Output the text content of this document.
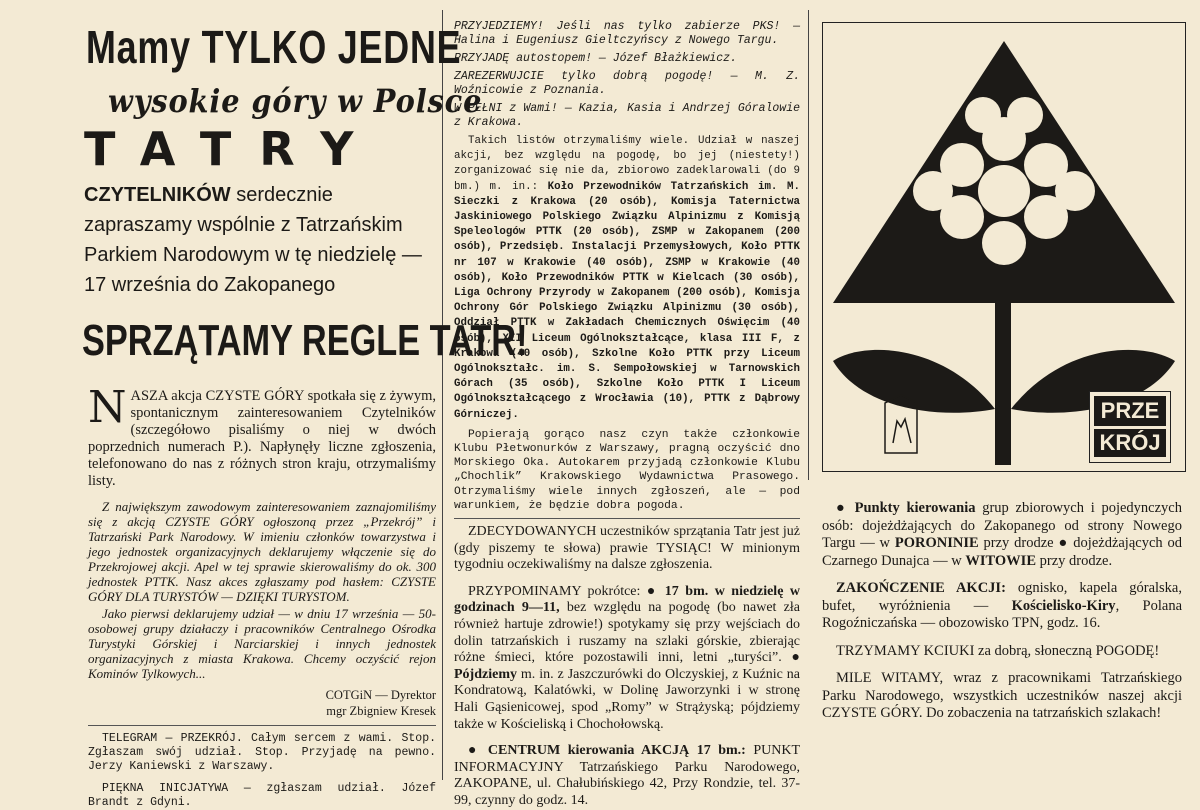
Mamy TYLKO JEDNE
wysokie góry w Polsce
TATRY
CZYTELNIKÓW serdecznie zapraszamy wspólnie z Tatrzańskim Parkiem Narodowym w tę niedzielę — 17 września do Zakopanego
SPRZĄTAMY REGLE TATR!
NASZA akcja CZYSTE GÓRY spotkała się z żywym, spontanicznym zainteresowaniem Czytelników (szczegółowo pisaliśmy o niej w dwóch poprzednich numerach P.). Napłynęły liczne zgłoszenia, telefonowano do nas z różnych stron kraju, otrzymaliśmy listy.

Z największym zawodowym zainteresowaniem zaznajomiliśmy się z akcją CZYSTE GÓRY ogłoszoną przez „Przekrój” i Tatrzański Park Narodowy. W imieniu członków towarzystwa i jego jednostek organizacyjnych deklarujemy włączenie się do Przekrojowej akcji. Apel w tej sprawie skierowaliśmy do ok. 300 jednostek PTTK. Nasz akces zgłaszamy pod hasłem: CZYSTE GÓRY DLA TURYSTÓW — DZIĘKI TURYSTOM.

Jako pierwsi deklarujemy udział — w dniu 17 września — 50-osobowej grupy działaczy i pracowników Centralnego Ośrodka Turystyki Górskiej i Narciarskiej i innych jednostek organizacyjnych z miasta Krakowa. Chcemy oczyścić rejon Kominów Tylkowych...

COTGiN — Dyrektor
mgr Zbigniew Kresek

TELEGRAM — PRZEKRÓJ. Całym sercem z wami. Stop. Zgłaszam swój udział. Stop. Przyjadę na pewno. Jerzy Kaniewski z Warszawy.

PIĘKNA INICJATYWA — zgłaszam udział. Józef Brandt z Gdyni.

PRZYJEDZIEMY! Jeśli nas tylko zabierze PKS! — Halina i Eugeniusz Gieltczyńscy z Nowego Targu.

PRZYJADĘ autostopem! — Józef Błażkiewicz.

ZAREZERWUJCIE tylko dobrą pogodę! — M. Z. Woźnicowie z Poznania.

W PEŁNI z Wami! — Kazia, Kasia i Andrzej Góralowie z Krakowa.

Takich listów otrzymaliśmy wiele. Udział w naszej akcji, bez względu na pogodę, bo jej (niestety!) zorganizować się nie da, zbiorowo zadeklarowali (do 9 bm.) m. in.: Koło Przewodników Tatrzańskich im. M. Sieczki z Krakowa (20 osób), Komisja Taternictwa Jaskiniowego Polskiego Związku Alpinizmu z Komisją Speleologów PTTK (20 osób), ZSMP w Zakopanem (200 osób), Przedsięb. Instalacji Przemysłowych, Koło PTTK nr 107 w Krakowie (40 osób), ZSMP w Krakowie (40 osób), Koło Przewodników PTTK w Kielcach (30 osób), Liga Ochrony Przyrody w Zakopanem (200 osób), Komisja Ochrony Gór Polskiego Związku Alpinizmu (30 osób), Oddział PTTK w Zakładach Chemicznych Oświęcim (40 osób), XII Liceum Ogólnokształcące, klasa III F, z Krakowa (40 osób), Szkolne Koło PTTK przy Liceum Ogólnokształc. im. S. Sempołowskiej w Tarnowskich Górach (35 osób), Szkolne Koło PTTK I Liceum Ogólnokształcącego z Wrocławia (10), PTTK z Dąbrowy Górniczej.

Popierają gorąco nasz czyn także członkowie Klubu Płetwonurków z Warszawy, pragną oczyścić dno Morskiego Oka. Autokarem przyjadą członkowie Klubu „Chochlik” Krakowskiego Wydawnictwa Prasowego. Otrzymaliśmy wiele innych zgłoszeń, ale — pod warunkiem, że będzie dobra pogoda.

ZDECYDOWANYCH uczestników sprzątania Tatr jest już (gdy piszemy te słowa) prawie TYSIĄC! W minionym tygodniu oczekiwaliśmy na dalsze zgłoszenia.

PRZYPOMINAMY pokrótce: ● 17 bm. w niedzielę w godzinach 9—11, bez względu na pogodę (bo nawet zła również hartuje zdrowie!) spotykamy się przy wejściach do dolin tatrzańskich i ruszamy na szlaki górskie, zbierając różne śmieci, które pozostawili inni, letni „turyści”. ● Pójdziemy m. in. z Jaszczurówki do Olczyskiej, z Kuźnic na Kondratową, Kalatówki, w Dolinę Jaworzynki i w stronę Hali Gąsienicowej, spod „Romy” w Strążyską; pójdziemy także w Kościeliską i Chochołowską.

● CENTRUM kierowania AKCJĄ 17 bm.: PUNKT INFORMACYJNY Tatrzańskiego Parku Narodowego, ZAKOPANE, ul. Chałubińskiego 42, Przy Rondzie, tel. 37-99, czynny do godz. 14.

PRZE
KRÓJ

● Punkty kierowania grup zbiorowych i pojedynczych osób: dojeżdżających do Zakopanego od strony Nowego Targu — w PORONINIE przy drodze ● dojeżdżających od Czarnego Dunajca — w WITOWIE przy drodze.

ZAKOŃCZENIE AKCJI: ognisko, kapela góralska, bufet, wyróżnienia — Kościelisko-Kiry, Polana Rogoźniczańska — obozowisko TPN, godz. 16.

TRZYMAMY KCIUKI za dobrą, słoneczną POGODĘ!

MILE WITAMY, wraz z pracownikami Tatrzańskiego Parku Narodowego, wszystkich uczestników naszej akcji CZYSTE GÓRY. Do zobaczenia na tatrzańskich szlakach!
